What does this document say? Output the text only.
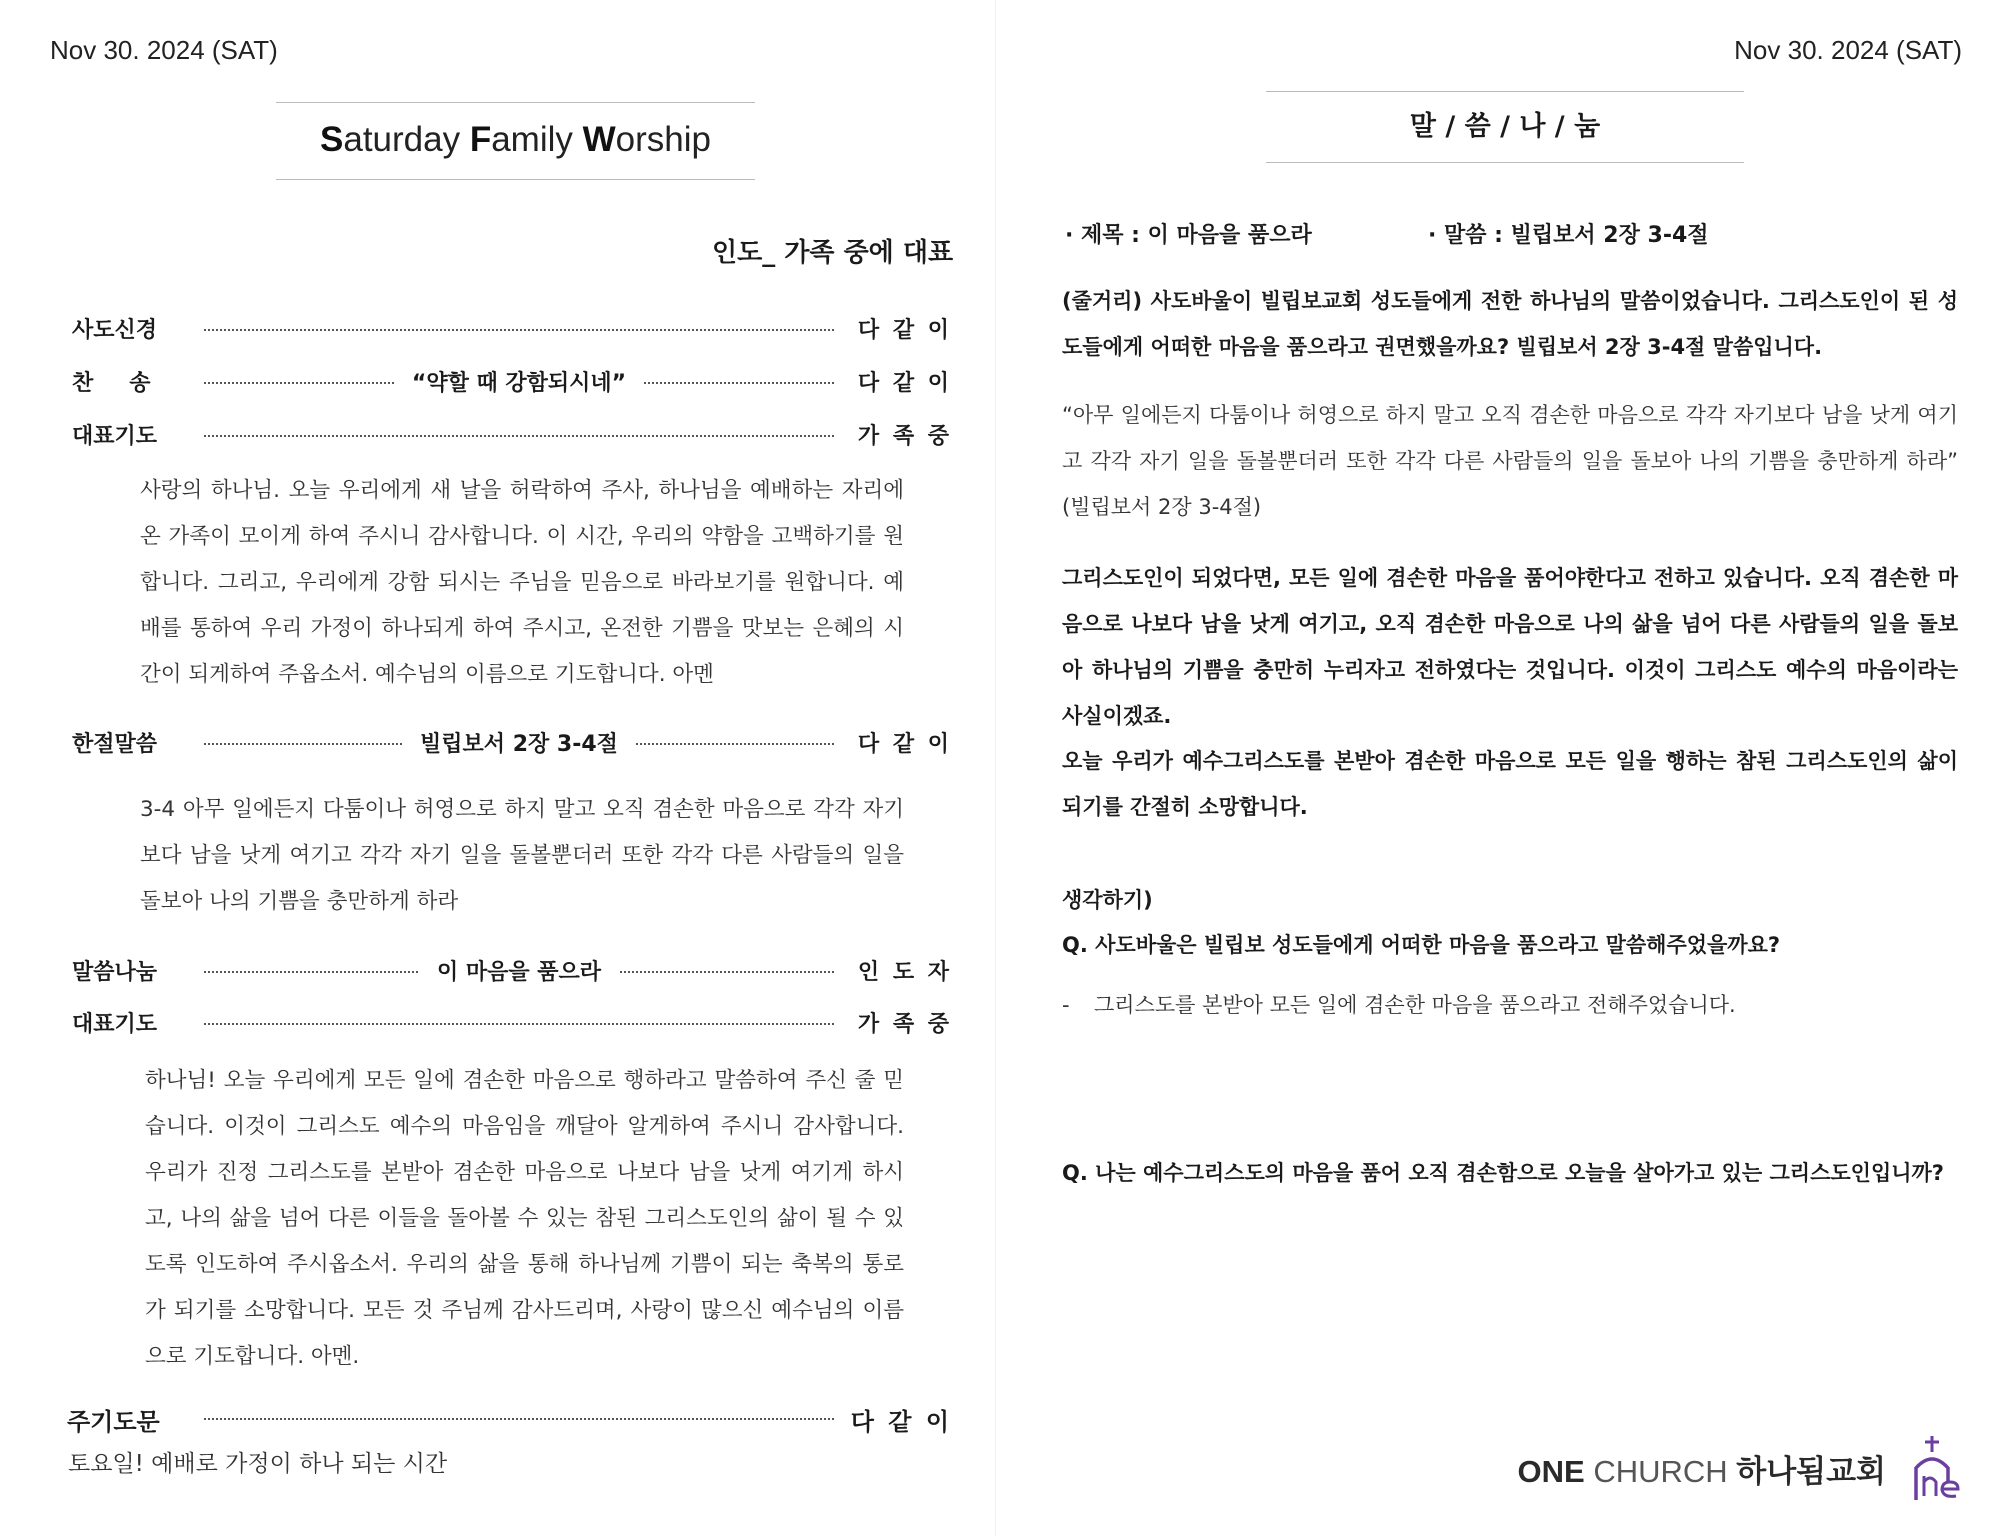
Nov 30. 2024 (SAT)
Saturday Family Worship
인도_ 가족 중에 대표
사도신경	다 같 이
찬송	“약할 때 강함되시네”	다 같 이
대표기도	가 족 중
사랑의 하나님. 오늘 우리에게 새 날을 허락하여 주사, 하나님을 예배하는 자리에 온 가족이 모이게 하여 주시니 감사합니다. 이 시간, 우리의 약함을 고백하기를 원합니다. 그리고, 우리에게 강함 되시는 주님을 믿음으로 바라보기를 원합니다. 예배를 통하여 우리 가정이 하나되게 하여 주시고, 온전한 기쁨을 맛보는 은혜의 시간이 되게하여 주옵소서. 예수님의 이름으로 기도합니다. 아멘
한절말씀	빌립보서 2장 3-4절	다 같 이
3-4 아무 일에든지 다툼이나 허영으로 하지 말고 오직 겸손한 마음으로 각각 자기보다 남을 낫게 여기고 각각 자기 일을 돌볼뿐더러 또한 각각 다른 사람들의 일을 돌보아 나의 기쁨을 충만하게 하라
말씀나눔	이 마음을 품으라	인 도 자
대표기도	가 족 중
하나님! 오늘 우리에게 모든 일에 겸손한 마음으로 행하라고 말씀하여 주신 줄 믿습니다. 이것이 그리스도 예수의 마음임을 깨달아 알게하여 주시니 감사합니다. 우리가 진정 그리스도를 본받아 겸손한 마음으로 나보다 남을 낫게 여기게 하시고, 나의 삶을 넘어 다른 이들을 돌아볼 수 있는 참된 그리스도인의 삶이 될 수 있도록 인도하여 주시옵소서. 우리의 삶을 통해 하나님께 기쁨이 되는 축복의 통로가 되기를 소망합니다. 모든 것 주님께 감사드리며, 사랑이 많으신 예수님의 이름으로 기도합니다. 아멘.
주기도문	다 같 이
토요일! 예배로 가정이 하나 되는 시간
Nov 30. 2024 (SAT)
말 / 씀 / 나 / 눔
· 제목 : 이 마음을 품으라	· 말씀 : 빌립보서 2장 3-4절
(줄거리) 사도바울이 빌립보교회 성도들에게 전한 하나님의 말씀이었습니다. 그리스도인이 된 성도들에게 어떠한 마음을 품으라고 권면했을까요? 빌립보서 2장 3-4절 말씀입니다.
“아무 일에든지 다툼이나 허영으로 하지 말고 오직 겸손한 마음으로 각각 자기보다 남을 낫게 여기고 각각 자기 일을 돌볼뿐더러 또한 각각 다른 사람들의 일을 돌보아 나의 기쁨을 충만하게 하라” (빌립보서 2장 3-4절)
그리스도인이 되었다면, 모든 일에 겸손한 마음을 품어야한다고 전하고 있습니다. 오직 겸손한 마음으로 나보다 남을 낫게 여기고, 오직 겸손한 마음으로 나의 삶을 넘어 다른 사람들의 일을 돌보아 하나님의 기쁨을 충만히 누리자고 전하였다는 것입니다. 이것이 그리스도 예수의 마음이라는 사실이겠죠.
오늘 우리가 예수그리스도를 본받아 겸손한 마음으로 모든 일을 행하는 참된 그리스도인의 삶이 되기를 간절히 소망합니다.
생각하기)
Q. 사도바울은 빌립보 성도들에게 어떠한 마음을 품으라고 말씀해주었을까요?
- 그리스도를 본받아 모든 일에 겸손한 마음을 품으라고 전해주었습니다.
Q. 나는 예수그리스도의 마음을 품어 오직 겸손함으로 오늘을 살아가고 있는 그리스도인입니까?
ONE CHURCH 하나됨교회
